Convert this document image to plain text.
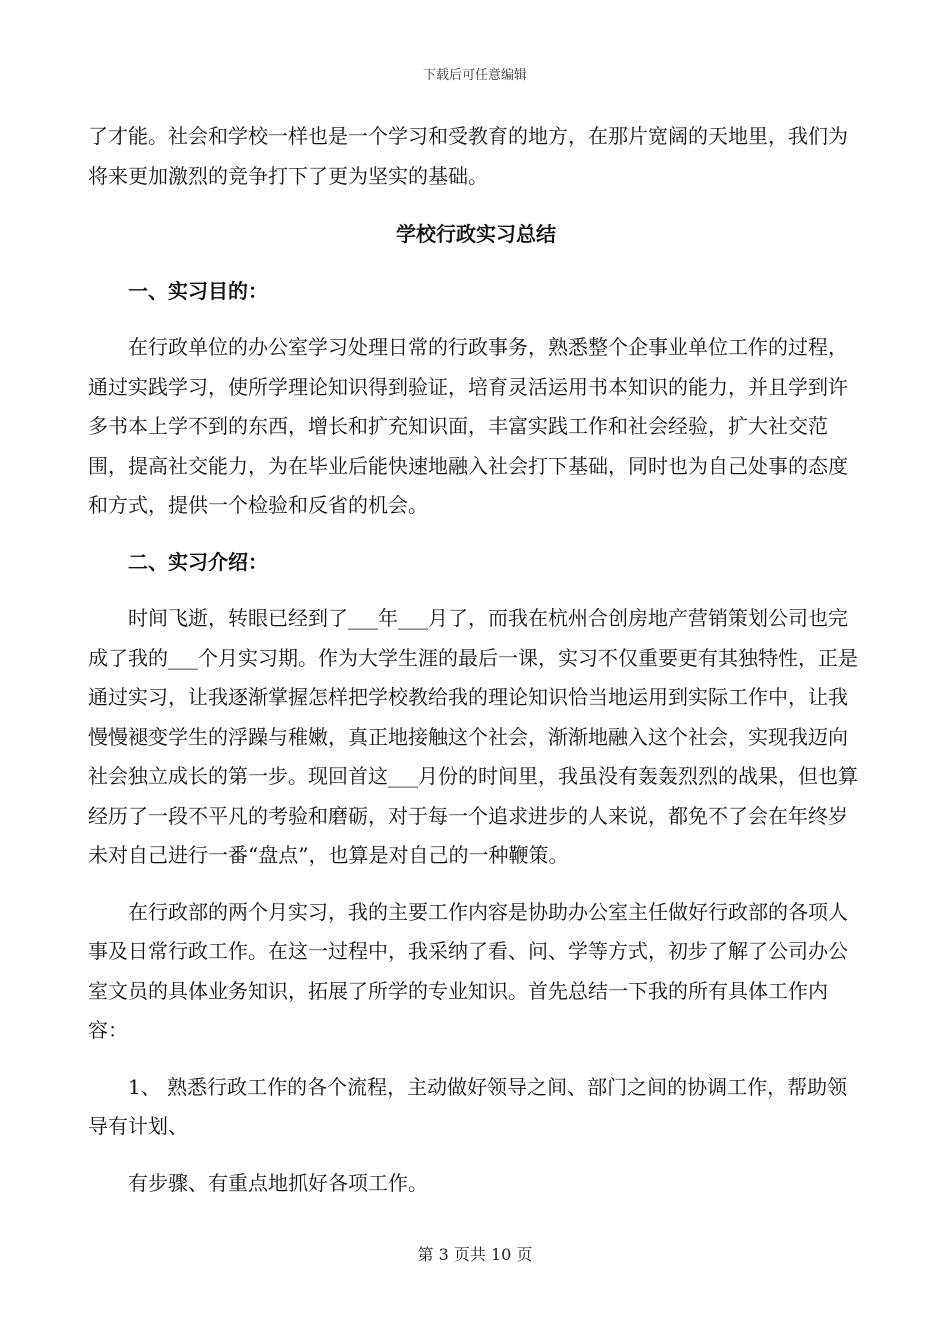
下载后可任意编辑

了才能。社会和学校一样也是一个学习和受教育的地方，在那片宽阔的天地里，我们为将来更加激烈的竞争打下了更为坚实的基础。

学校行政实习总结

一、实习目的：

在行政单位的办公室学习处理日常的行政事务，熟悉整个企事业单位工作的过程，通过实践学习，使所学理论知识得到验证，培育灵活运用书本知识的能力，并且学到许多书本上学不到的东西，增长和扩充知识面，丰富实践工作和社会经验，扩大社交范围，提高社交能力，为在毕业后能快速地融入社会打下基础，同时也为自己处事的态度和方式，提供一个检验和反省的机会。

二、实习介绍：

时间飞逝，转眼已经到了___年___月了，而我在杭州合创房地产营销策划公司也完成了我的___个月实习期。作为大学生涯的最后一课，实习不仅重要更有其独特性，正是通过实习，让我逐渐掌握怎样把学校教给我的理论知识恰当地运用到实际工作中，让我慢慢褪变学生的浮躁与稚嫩，真正地接触这个社会，渐渐地融入这个社会，实现我迈向社会独立成长的第一步。现回首这___月份的时间里，我虽没有轰轰烈烈的战果，但也算经历了一段不平凡的考验和磨砺，对于每一个追求进步的人来说，都免不了会在年终岁未对自己进行一番“盘点”，也算是对自己的一种鞭策。

在行政部的两个月实习，我的主要工作内容是协助办公室主任做好行政部的各项人事及日常行政工作。在这一过程中，我采纳了看、问、学等方式，初步了解了公司办公室文员的具体业务知识，拓展了所学的专业知识。首先总结一下我的所有具体工作内容：

1、 熟悉行政工作的各个流程，主动做好领导之间、部门之间的协调工作，帮助领导有计划、

有步骤、有重点地抓好各项工作。

第 3 页共 10 页
